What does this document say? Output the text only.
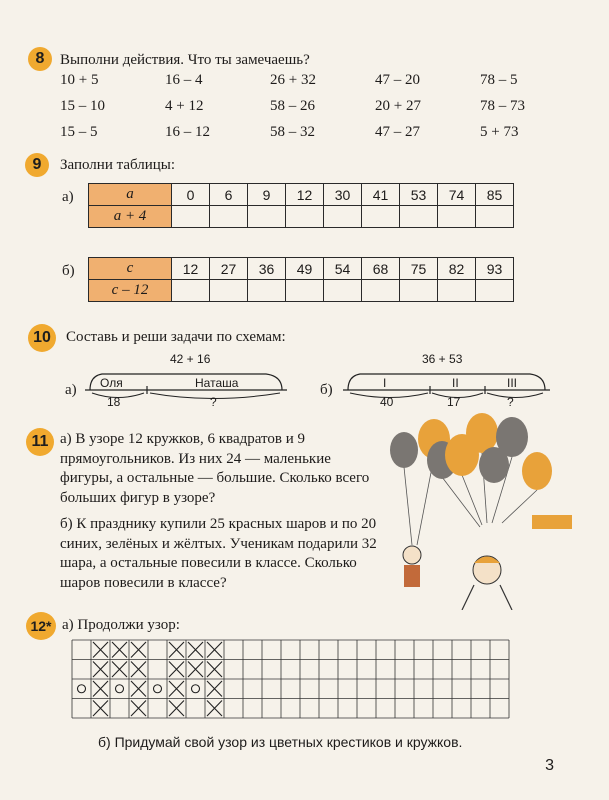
8	Выполни действия. Что ты замечаешь?
10 + 5	16 – 4	26 + 32	47 – 20	78 – 5
15 – 10	4 + 12	58 – 26	20 + 27	78 – 73
15 – 5	16 – 12	58 – 32	47 – 27	5 + 73
9	Заполни таблицы:
а)	a	0	6	9	12	30	41	53	74	85
a + 4									
б)	c	12	27	36	49	54	68	75	82	93
c – 12									
10	Составь и реши задачи по схемам:
а)
42 + 16
Оля	Наташа
18	?
б)
36 + 53
I	II	III
40	17	?
11 а) В узоре 12 кружков, 6 квадратов и 9 прямоугольников. Из них 24 — маленькие фигуры, а остальные — большие. Сколько всего больших фигур в узоре?
б) К празднику купили 25 красных шаров и по 20 синих, зелёных и жёлтых. Ученикам подарили 32 шара, а остальные повесили в классе. Сколько шаров повесили в классе?
12* а) Продолжи узор:
б) Придумай свой узор из цветных крестиков и кружков.
3
